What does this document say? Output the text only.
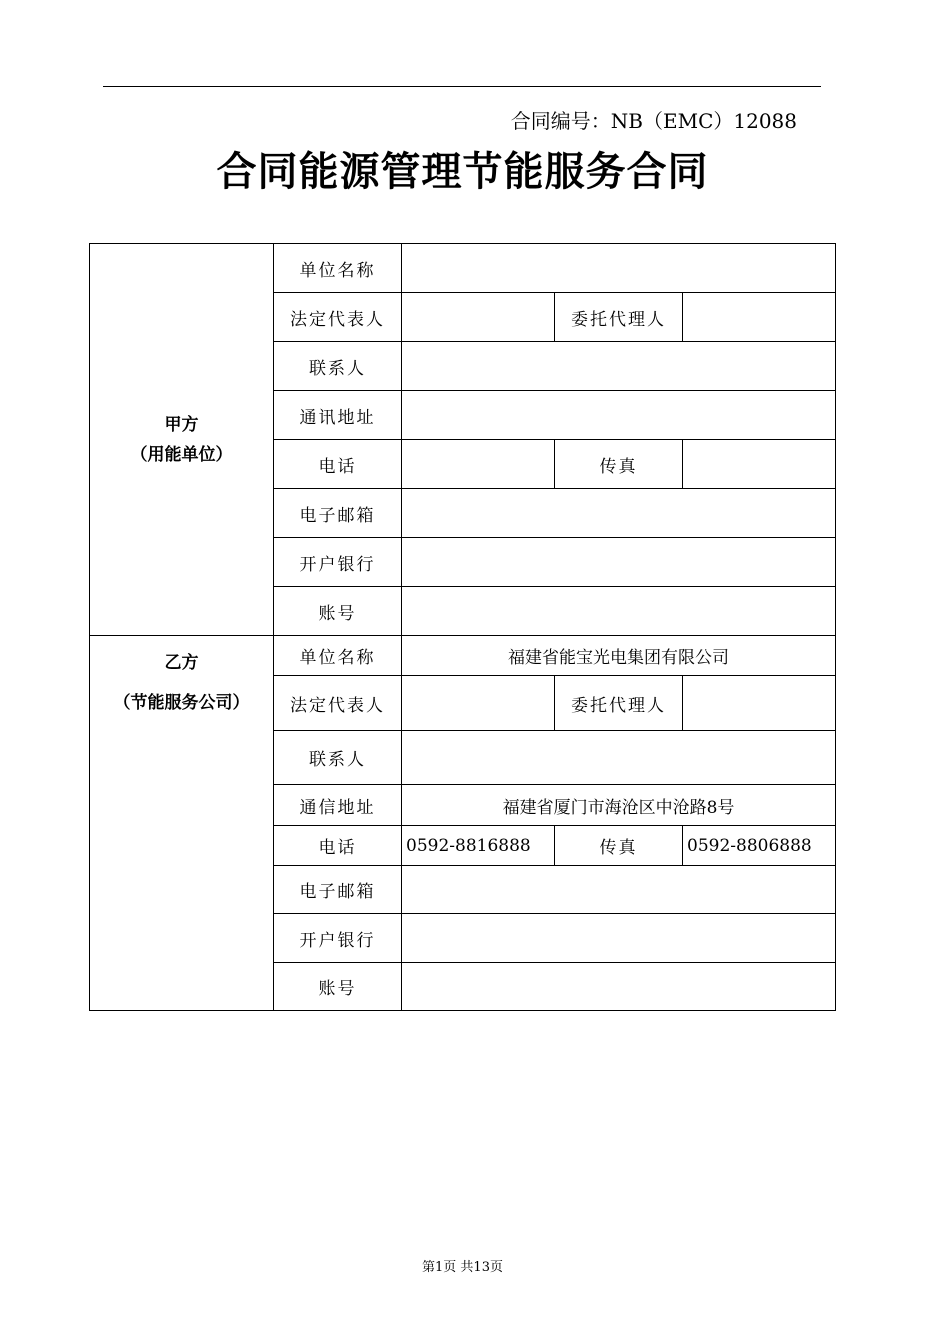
合同编号：NB（EMC）12088
合同能源管理节能服务合同
甲方
（用能单位）	单位名称			
	法定代表人		委托代理人	
	联系人			
	通讯地址			
	电话		传真	
	电子邮箱			
	开户银行			
	账号			

乙方
（节能服务公司）	单位名称	福建省能宝光电集团有限公司		
	法定代表人		委托代理人	
	联系人			
	通信地址	福建省厦门市海沧区中沧路8号		
	电话	0592-8816888	传真	0592-8806888
	电子邮箱			
	开户银行			
	账号			
第1页 共13页
